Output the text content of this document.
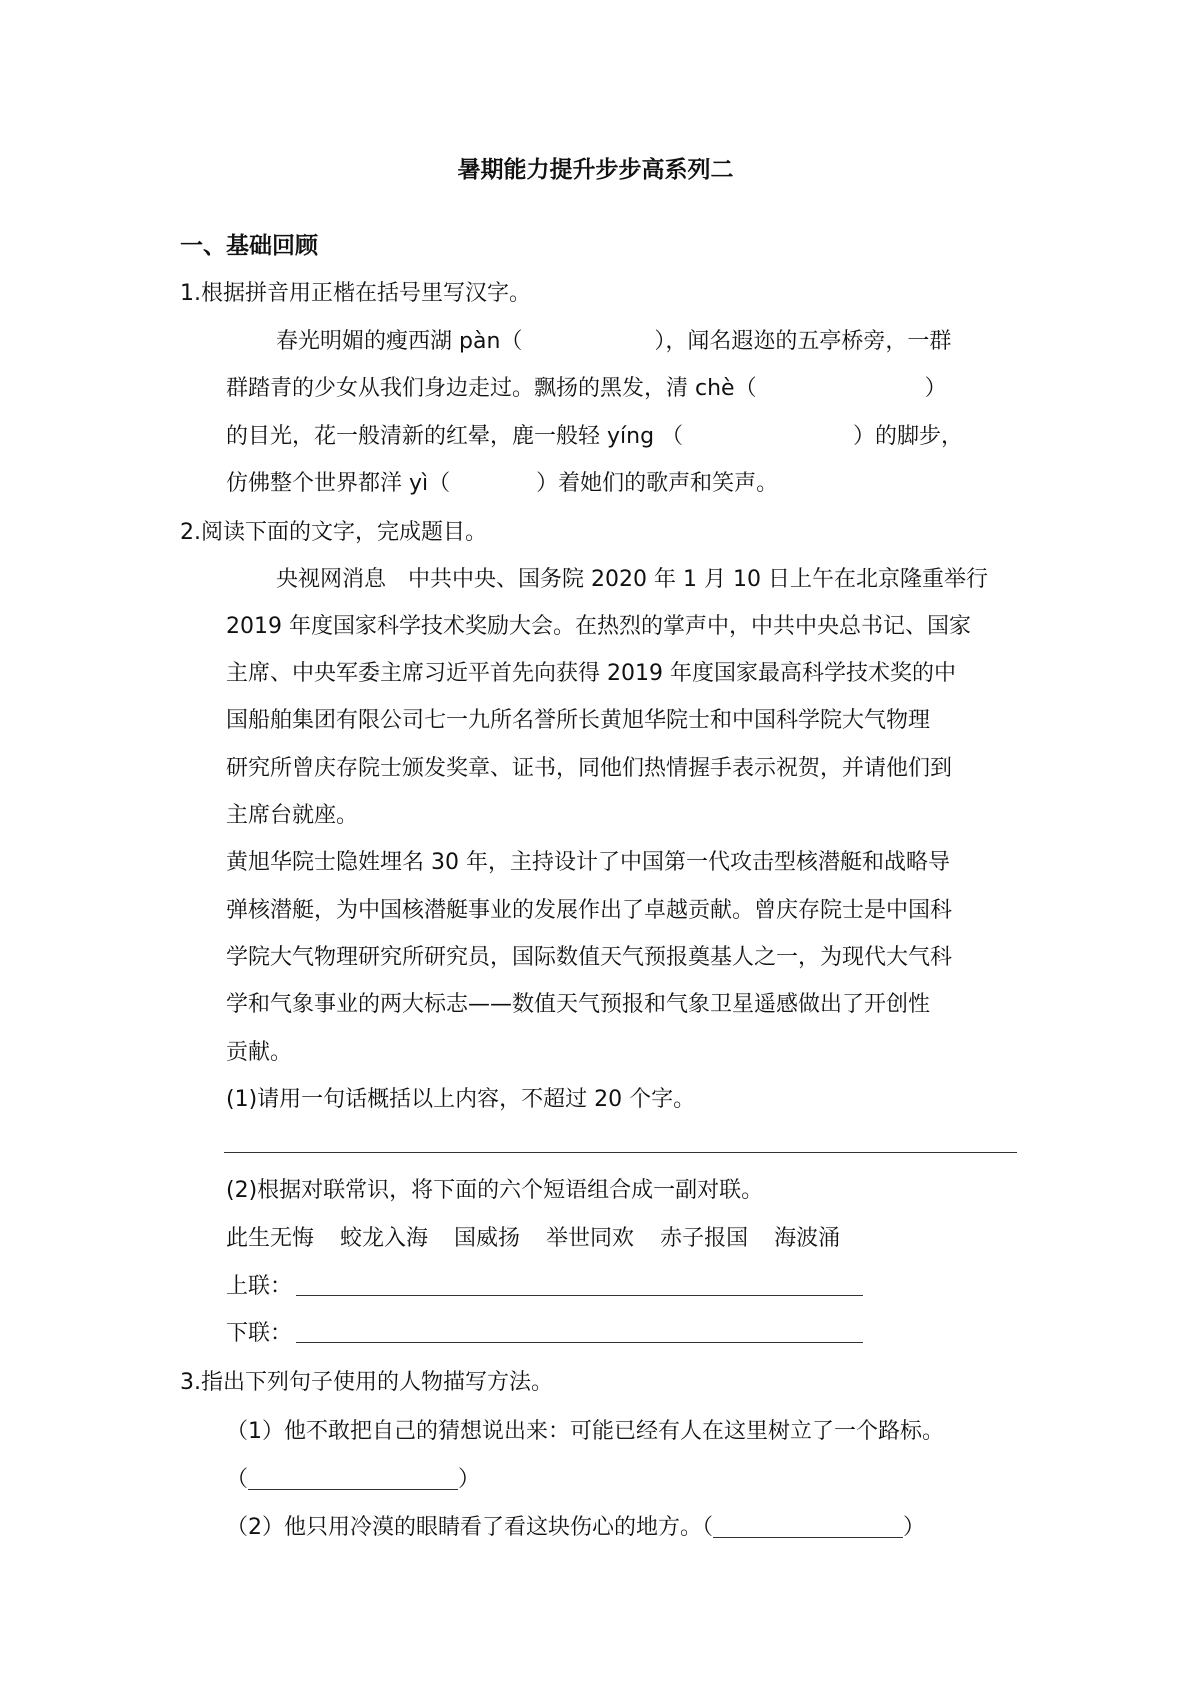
暑期能力提升步步高系列二
一、基础回顾
1.根据拼音用正楷在括号里写汉字。
春光明媚的瘦西湖 pàn（	），闻名遐迩的五亭桥旁，一群
群踏青的少女从我们身边走过。飘扬的黑发，清 chè（	）
的目光，花一般清新的红晕，鹿一般轻 yíng （	）的脚步，
仿佛整个世界都洋 yì（	）着她们的歌声和笑声。
2.阅读下面的文字，完成题目。
央视网消息　中共中央、国务院 2020 年 1 月 10 日上午在北京隆重举行
2019 年度国家科学技术奖励大会。在热烈的掌声中，中共中央总书记、国家
主席、中央军委主席习近平首先向获得 2019 年度国家最高科学技术奖的中
国船舶集团有限公司七一九所名誉所长黄旭华院士和中国科学院大气物理
研究所曾庆存院士颁发奖章、证书，同他们热情握手表示祝贺，并请他们到
主席台就座。
黄旭华院士隐姓埋名 30 年，主持设计了中国第一代攻击型核潜艇和战略导
弹核潜艇，为中国核潜艇事业的发展作出了卓越贡献。曾庆存院士是中国科
学院大气物理研究所研究员，国际数值天气预报奠基人之一，为现代大气科
学和气象事业的两大标志——数值天气预报和气象卫星遥感做出了开创性
贡献。
(1)请用一句话概括以上内容，不超过 20 个字。
(2)根据对联常识，将下面的六个短语组合成一副对联。
此生无悔 蛟龙入海 国威扬 举世同欢 赤子报国 海波涌
上联：
下联：
3.指出下列句子使用的人物描写方法。
（1）他不敢把自己的猜想说出来：可能已经有人在这里树立了一个路标。
（	）
（2）他只用冷漠的眼睛看了看这块伤心的地方。（	）
